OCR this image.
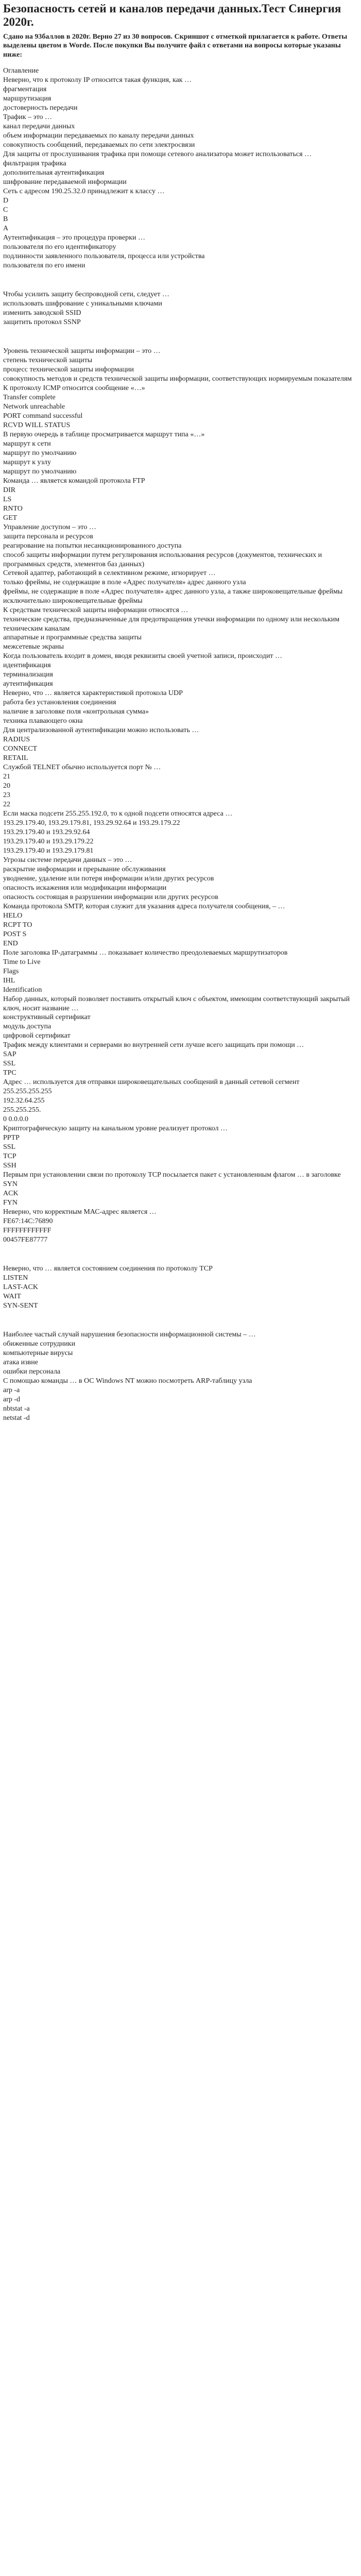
Безопасность сетей и каналов передачи данных.Тест Синергия 2020г.
Сдано на 93баллов в 2020г. Верно 27 из 30 вопросов. Скриншот с отметкой прилагается к работе. Ответы выделены цветом в Worde. После покупки Вы получите файл с ответами на вопросы которые указаны ниже:
Оглавление
Неверно, что к протоколу IP относится такая функция, как …
фрагментация
маршрутизация
достоверность передачи
Трафик – это …
канал передачи данных
объем информации передаваемых по каналу передачи данных
совокупность сообщений, передаваемых по сети электросвязи
Для защиты от прослушивания трафика при помощи сетевого анализатора может использоваться …
фильтрация трафика
дополнительная аутентификация
шифрование передаваемой информации
Сеть с адресом 190.25.32.0 принадлежит к классу …
D
C
B
A
Аутентификация – это процедура проверки …
пользователя по его идентификатору
подлинности заявленного пользователя, процесса или устройства
пользователя по его имени
Чтобы усилить защиту беспроводной сети, следует …
использовать шифрование с уникальными ключами
изменить заводской SSID
защитить протокол SSNP
Уровень технической защиты информации – это …
степень технической защиты
процесс технической защиты информации
совокупность методов и средств технической защиты информации, соответствующих нормируемым показателям
К протоколу ICMP относится сообщение «…»
Transfer complete
Network unreachable
PORT command successful
RCVD WILL STATUS
В первую очередь в таблице просматривается маршрут типа «…»
маршрут к сети
маршрут по умолчанию
маршрут к узлу
маршрут по умолчанию
Команда … является командой протокола FTP
DIR
LS
RNTO
GET
Управление доступом – это …
защита персонала и ресурсов
реагирование на попытки несанкционированного доступа
способ защиты информации путем регулирования использования ресурсов (документов, технических и программных средств, элементов баз данных)
Сетевой адаптер, работающий в селективном режиме, игнорирует …
только фреймы, не содержащие в поле «Адрес получателя» адрес данного узла
фреймы, не содержащие в поле «Адрес получателя» адрес данного узла, а также широковещательные фреймы
исключительно широковещательные фреймы
К средствам технической защиты информации относятся …
технические средства, предназначенные для предотвращения утечки информации по одному или нескольким техническим каналам
аппаратные и программные средства защиты
межсетевые экраны
Когда пользователь входит в домен, вводя реквизиты своей учетной записи, происходит …
идентификация
терминализация
аутентификация
Неверно, что … является характеристикой протокола UDP
работа без установления соединения
наличие в заголовке поля «контрольная сумма»
техника плавающего окна
Для централизованной аутентификации можно использовать …
RADIUS
CONNECT
RETAIL
Службой TELNET обычно используется порт № …
21
20
23
22
Если маска подсети 255.255.192.0, то к одной подсети относятся адреса …
193.29.179.40, 193.29.179.81, 193.29.92.64 и 193.29.179.22
193.29.179.40 и 193.29.92.64
193.29.179.40 и 193.29.179.22
193.29.179.40 и 193.29.179.81
Угрозы системе передачи данных – это …
раскрытие информации и прерывание обслуживания
уводнение, удаление или потеря информации и/или других ресурсов
опасность искажения или модификации информации
опасность состоящая в разрушении информации или других ресурсов
Команда протокола SMTP, которая служит для указания адреса получателя сообщения, – …
HELO
RCPT TO
POST S
END
Поле заголовка IP-датаграммы … показывает количество преодолеваемых маршрутизаторов
Time to Live
Flags
IHL
Identification
Набор данных, который позволяет поставить открытый ключ с объектом, имеющим соответствующий закрытый ключ, носит название …
конструктивный сертификат
модуль доступа
цифровой сертификат
Трафик между клиентами и серверами во внутренней сети лучше всего защищать при помощи …
SAP
SSL
TPC
Адрес … используется для отправки широковещательных сообщений в данный сетевой сегмент
255.255.255.255
192.32.64.255
255.255.255.
0 0.0.0.0
Криптографическую защиту на канальном уровне реализует протокол …
PPTP
SSL
TCP
SSH
Первым при установлении связи по протоколу TCP посылается пакет с установленным флагом … в заголовке
SYN
ACK
FYN
Неверно, что корректным МАС-адрес является …
FE67:14C:76890
FFFFFFFFFFFF
00457FE87777
Неверно, что … является состоянием соединения по протоколу TCP
LISTEN
LAST-ACK
WAIT
SYN-SENT
Наиболее частый случай нарушения безопасности информационной системы – …
обиженные сотрудники
компьютерные вирусы
атака извне
ошибки персонала
С помощью команды … в ОС Windows NT можно посмотреть ARP-таблицу узла
arp -a
arp -d
nbtstat -a
netstat -d
